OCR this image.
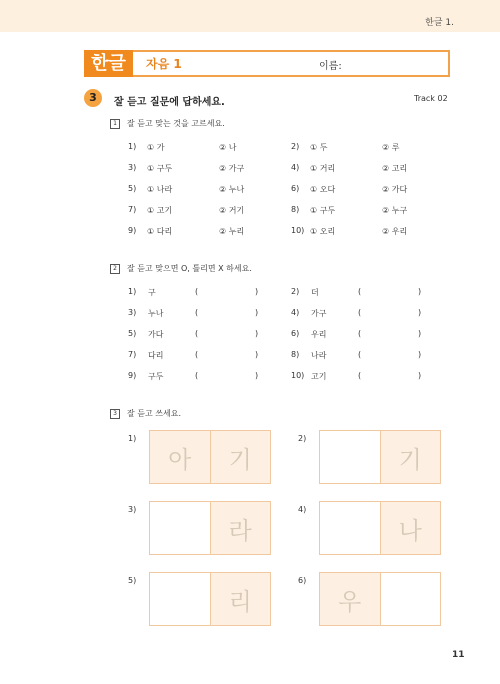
한글 1.
한글	자음 1	이름:
3	잘 듣고 질문에 답하세요.	Track 02
1 잘 듣고 맞는 것을 고르세요.
1) ① 가	② 나	2) ① 두	② 루
3) ① 구두	② 가구	4) ① 거리	② 고리
5) ① 나라	② 누나	6) ① 오다	② 가다
7) ① 고기	② 거기	8) ① 구두	② 누구
9) ① 다리	② 누리	10) ① 오리	② 우리
2 잘 듣고 맞으면 O, 틀리면 X 하세요.
1) 구	(	)	2) 더	(	)
3) 누나	(	)	4) 가구	(	)
5) 가다	(	)	6) 우리	(	)
7) 다리	(	)	8) 나라	(	)
9) 구두	(	)	10) 고기	(	)
3 잘 듣고 쓰세요.
1)
아	기
2)
기
3)
라
4)
나
5)
리
6)
우
11
